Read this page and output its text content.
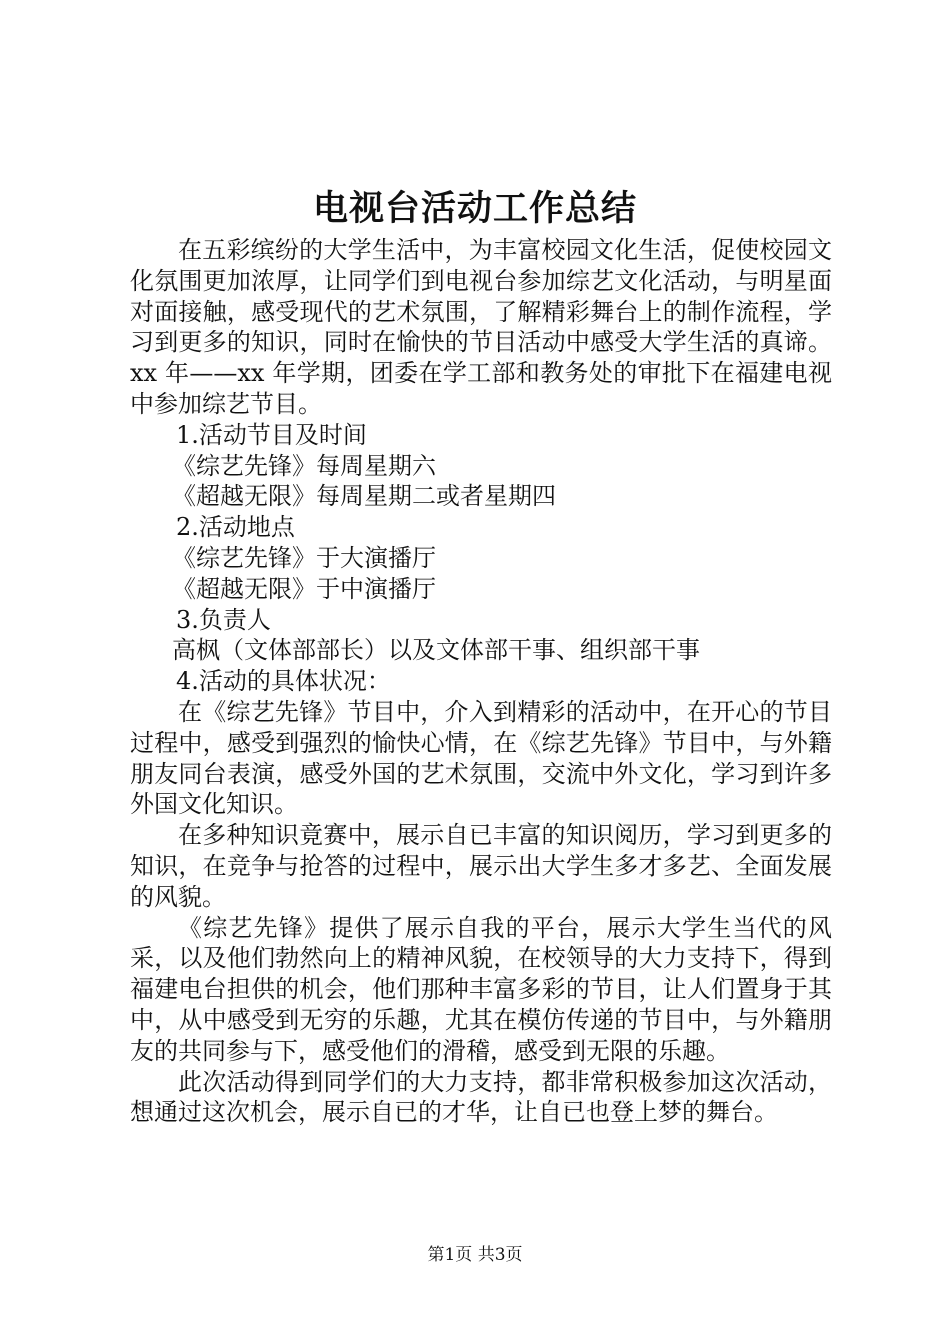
电视台活动工作总结

在五彩缤纷的大学生活中，为丰富校园文化生活，促使校园文化氛围更加浓厚，让同学们到电视台参加综艺文化活动，与明星面对面接触，感受现代的艺术氛围，了解精彩舞台上的制作流程，学习到更多的知识，同时在愉快的节目活动中感受大学生活的真谛。xx 年——xx 年学期，团委在学工部和教务处的审批下在福建电视中参加综艺节目。

1.活动节目及时间

《综艺先锋》每周星期六

《超越无限》每周星期二或者星期四

2.活动地点

《综艺先锋》于大演播厅

《超越无限》于中演播厅

3.负责人

高枫（文体部部长）以及文体部干事、组织部干事

4.活动的具体状况：

在《综艺先锋》节目中，介入到精彩的活动中，在开心的节目过程中，感受到强烈的愉快心情，在《综艺先锋》节目中，与外籍朋友同台表演，感受外国的艺术氛围，交流中外文化，学习到许多外国文化知识。

在多种知识竟赛中，展示自已丰富的知识阅历，学习到更多的知识，在竞争与抢答的过程中，展示出大学生多才多艺、全面发展的风貌。

《综艺先锋》提供了展示自我的平台，展示大学生当代的风采，以及他们勃然向上的精神风貌，在校领导的大力支持下，得到福建电台担供的机会，他们那种丰富多彩的节目，让人们置身于其中，从中感受到无穷的乐趣，尤其在模仿传递的节目中，与外籍朋友的共同参与下，感受他们的滑稽，感受到无限的乐趣。

此次活动得到同学们的大力支持，都非常积极参加这次活动，想通过这次机会，展示自已的才华，让自已也登上梦的舞台。

第1页 共3页
